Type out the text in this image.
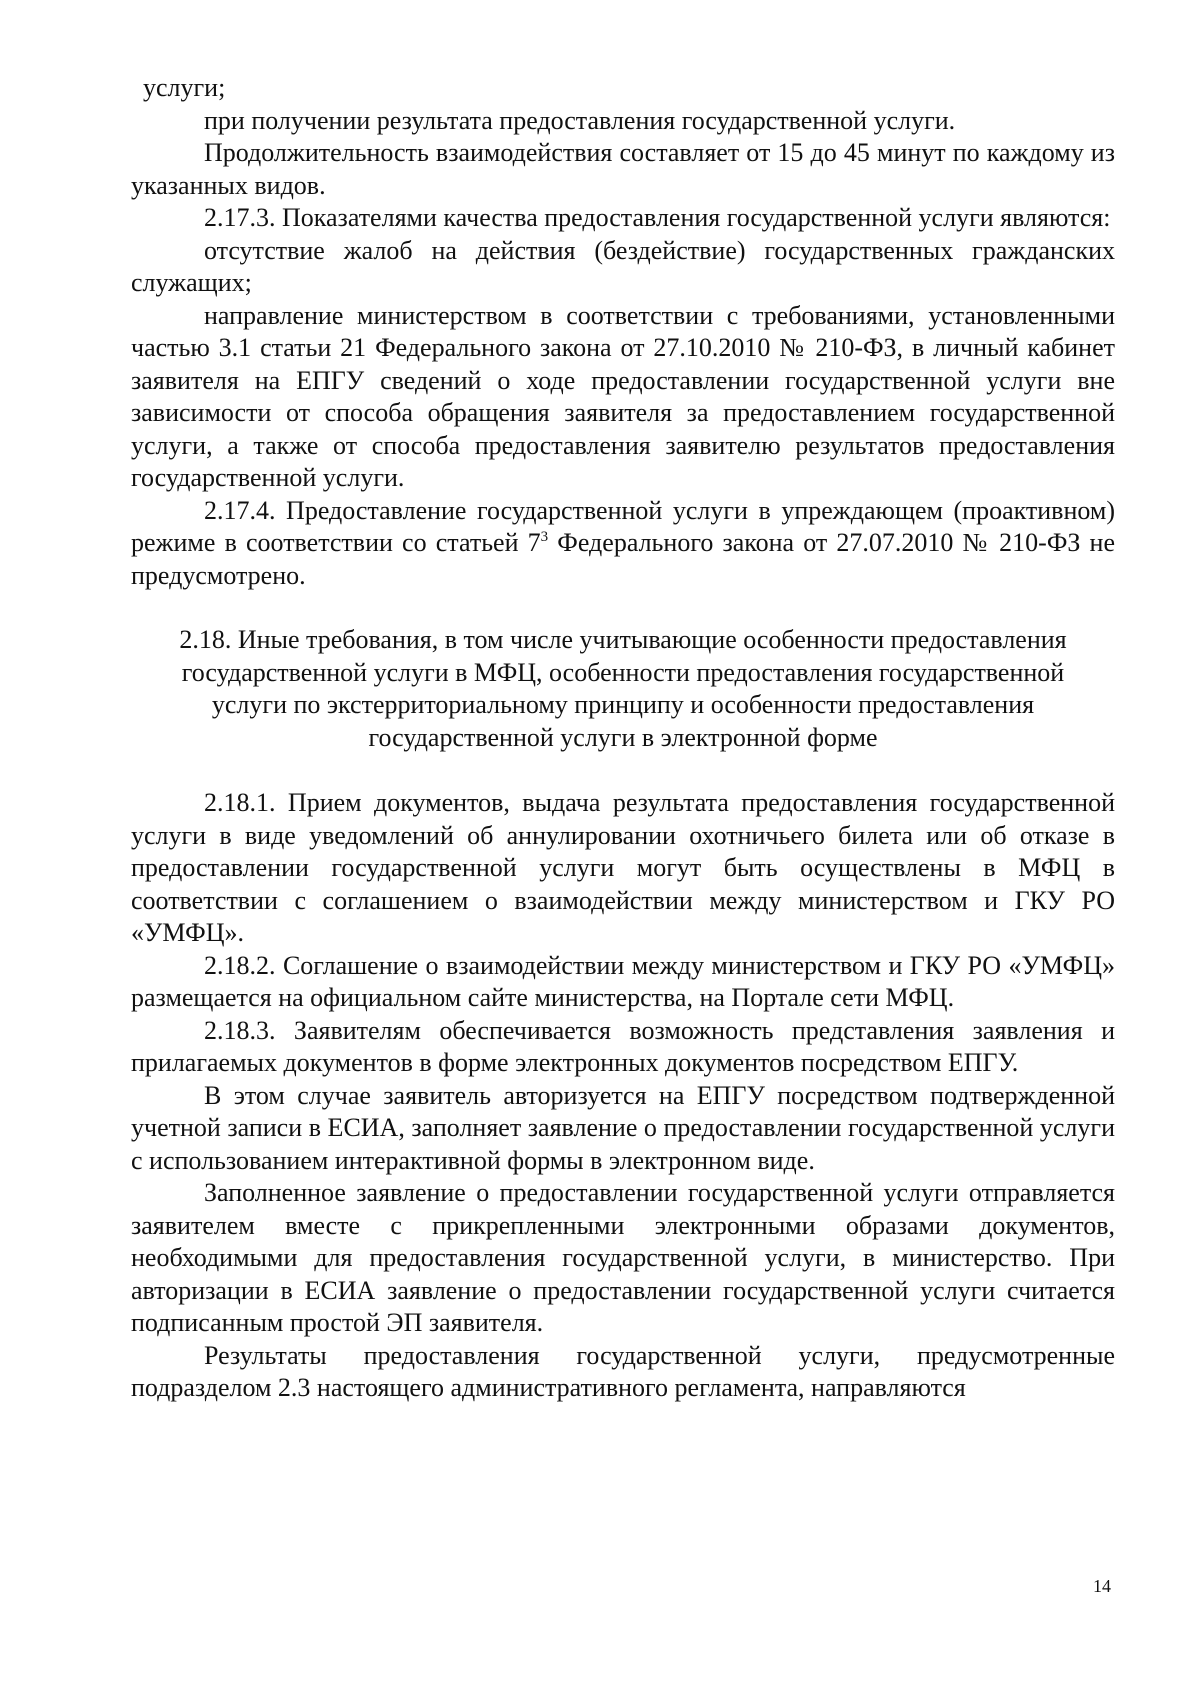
услуги;

при получении результата предоставления государственной услуги.

Продолжительность взаимодействия составляет от 15 до 45 минут по каждому из указанных видов.

2.17.3. Показателями качества предоставления государственной услуги являются:

отсутствие жалоб на действия (бездействие) государственных гражданских служащих;

направление министерством в соответствии с требованиями, установленными частью 3.1 статьи 21 Федерального закона от 27.10.2010 № 210-ФЗ, в личный кабинет заявителя на ЕПГУ сведений о ходе предоставлении государственной услуги вне зависимости от способа обращения заявителя за предоставлением государственной услуги, а также от способа предоставления заявителю результатов предоставления государственной услуги.

2.17.4. Предоставление государственной услуги в упреждающем (проактивном) режиме в соответствии со статьей $7^3$ Федерального закона от 27.07.2010 № 210-ФЗ не предусмотрено.

2.18. Иные требования, в том числе учитывающие особенности предоставления государственной услуги в МФЦ, особенности предоставления государственной услуги по экстерриториальному принципу и особенности предоставления государственной услуги в электронной форме

2.18.1. Прием документов, выдача результата предоставления государственной услуги в виде уведомлений об аннулировании охотничьего билета или об отказе в предоставлении государственной услуги могут быть осуществлены в МФЦ в соответствии с соглашением о взаимодействии между министерством и ГКУ РО «УМФЦ».

2.18.2. Соглашение о взаимодействии между министерством и ГКУ РО «УМФЦ» размещается на официальном сайте министерства, на Портале сети МФЦ.

2.18.3. Заявителям обеспечивается возможность представления заявления и прилагаемых документов в форме электронных документов посредством ЕПГУ.

В этом случае заявитель авторизуется на ЕПГУ посредством подтвержденной учетной записи в ЕСИА, заполняет заявление о предоставлении государственной услуги с использованием интерактивной формы в электронном виде.

Заполненное заявление о предоставлении государственной услуги отправляется заявителем вместе с прикрепленными электронными образами документов, необходимыми для предоставления государственной услуги, в министерство. При авторизации в ЕСИА заявление о предоставлении государственной услуги считается подписанным простой ЭП заявителя.

Результаты предоставления государственной услуги, предусмотренные подразделом 2.3 настоящего административного регламента, направляются

14
